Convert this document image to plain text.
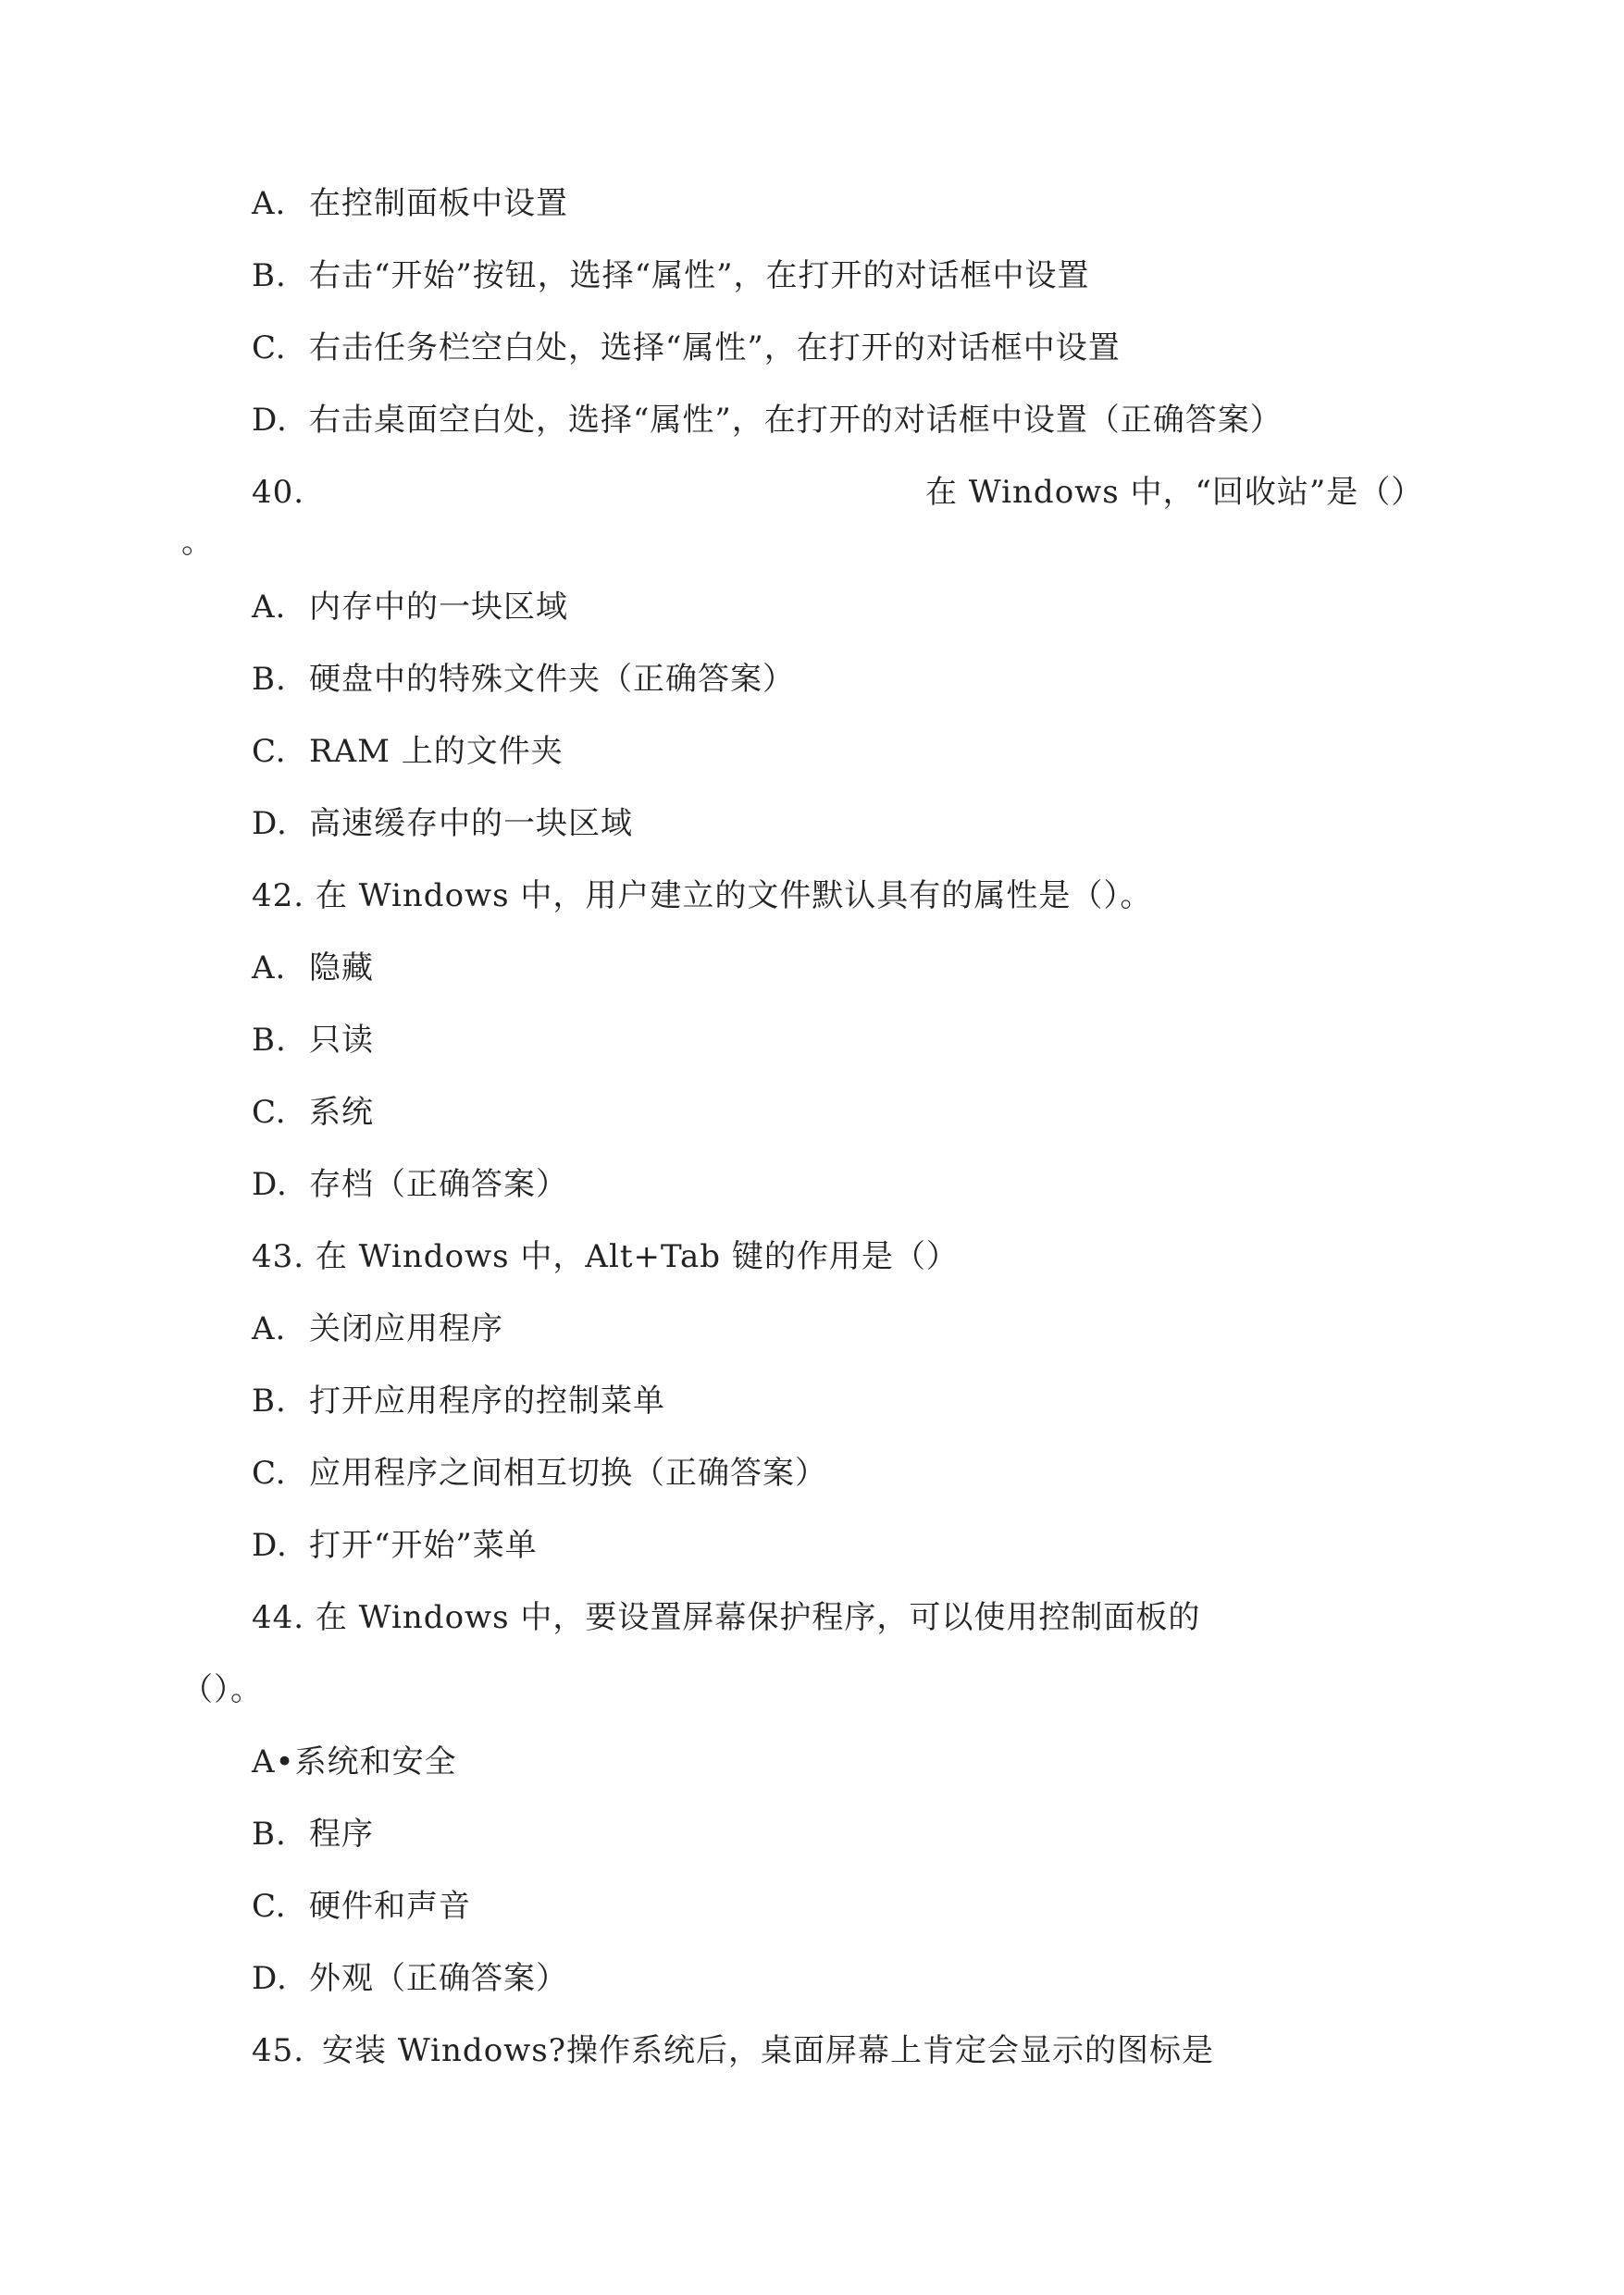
A. 在控制面板中设置
B. 右击“开始”按钮，选择“属性”，在打开的对话框中设置
C. 右击任务栏空白处，选择“属性”，在打开的对话框中设置
D. 右击桌面空白处，选择“属性”，在打开的对话框中设置（正确答案）
40.	在 Windows 中，“回收站”是（）
。
A. 内存中的一块区域
B. 硬盘中的特殊文件夹（正确答案）
C. RAM 上的文件夹
D. 高速缓存中的一块区域
42. 在 Windows 中，用户建立的文件默认具有的属性是（）。
A. 隐藏
B. 只读
C. 系统
D. 存档（正确答案）
43. 在 Windows 中，Alt+Tab 键的作用是（）
A. 关闭应用程序
B. 打开应用程序的控制菜单
C. 应用程序之间相互切换（正确答案）
D. 打开“开始”菜单
44. 在 Windows 中，要设置屏幕保护程序，可以使用控制面板的
（）。
A•系统和安全
B. 程序
C. 硬件和声音
D. 外观（正确答案）
45. 安装 Windows?操作系统后，桌面屏幕上肯定会显示的图标是
